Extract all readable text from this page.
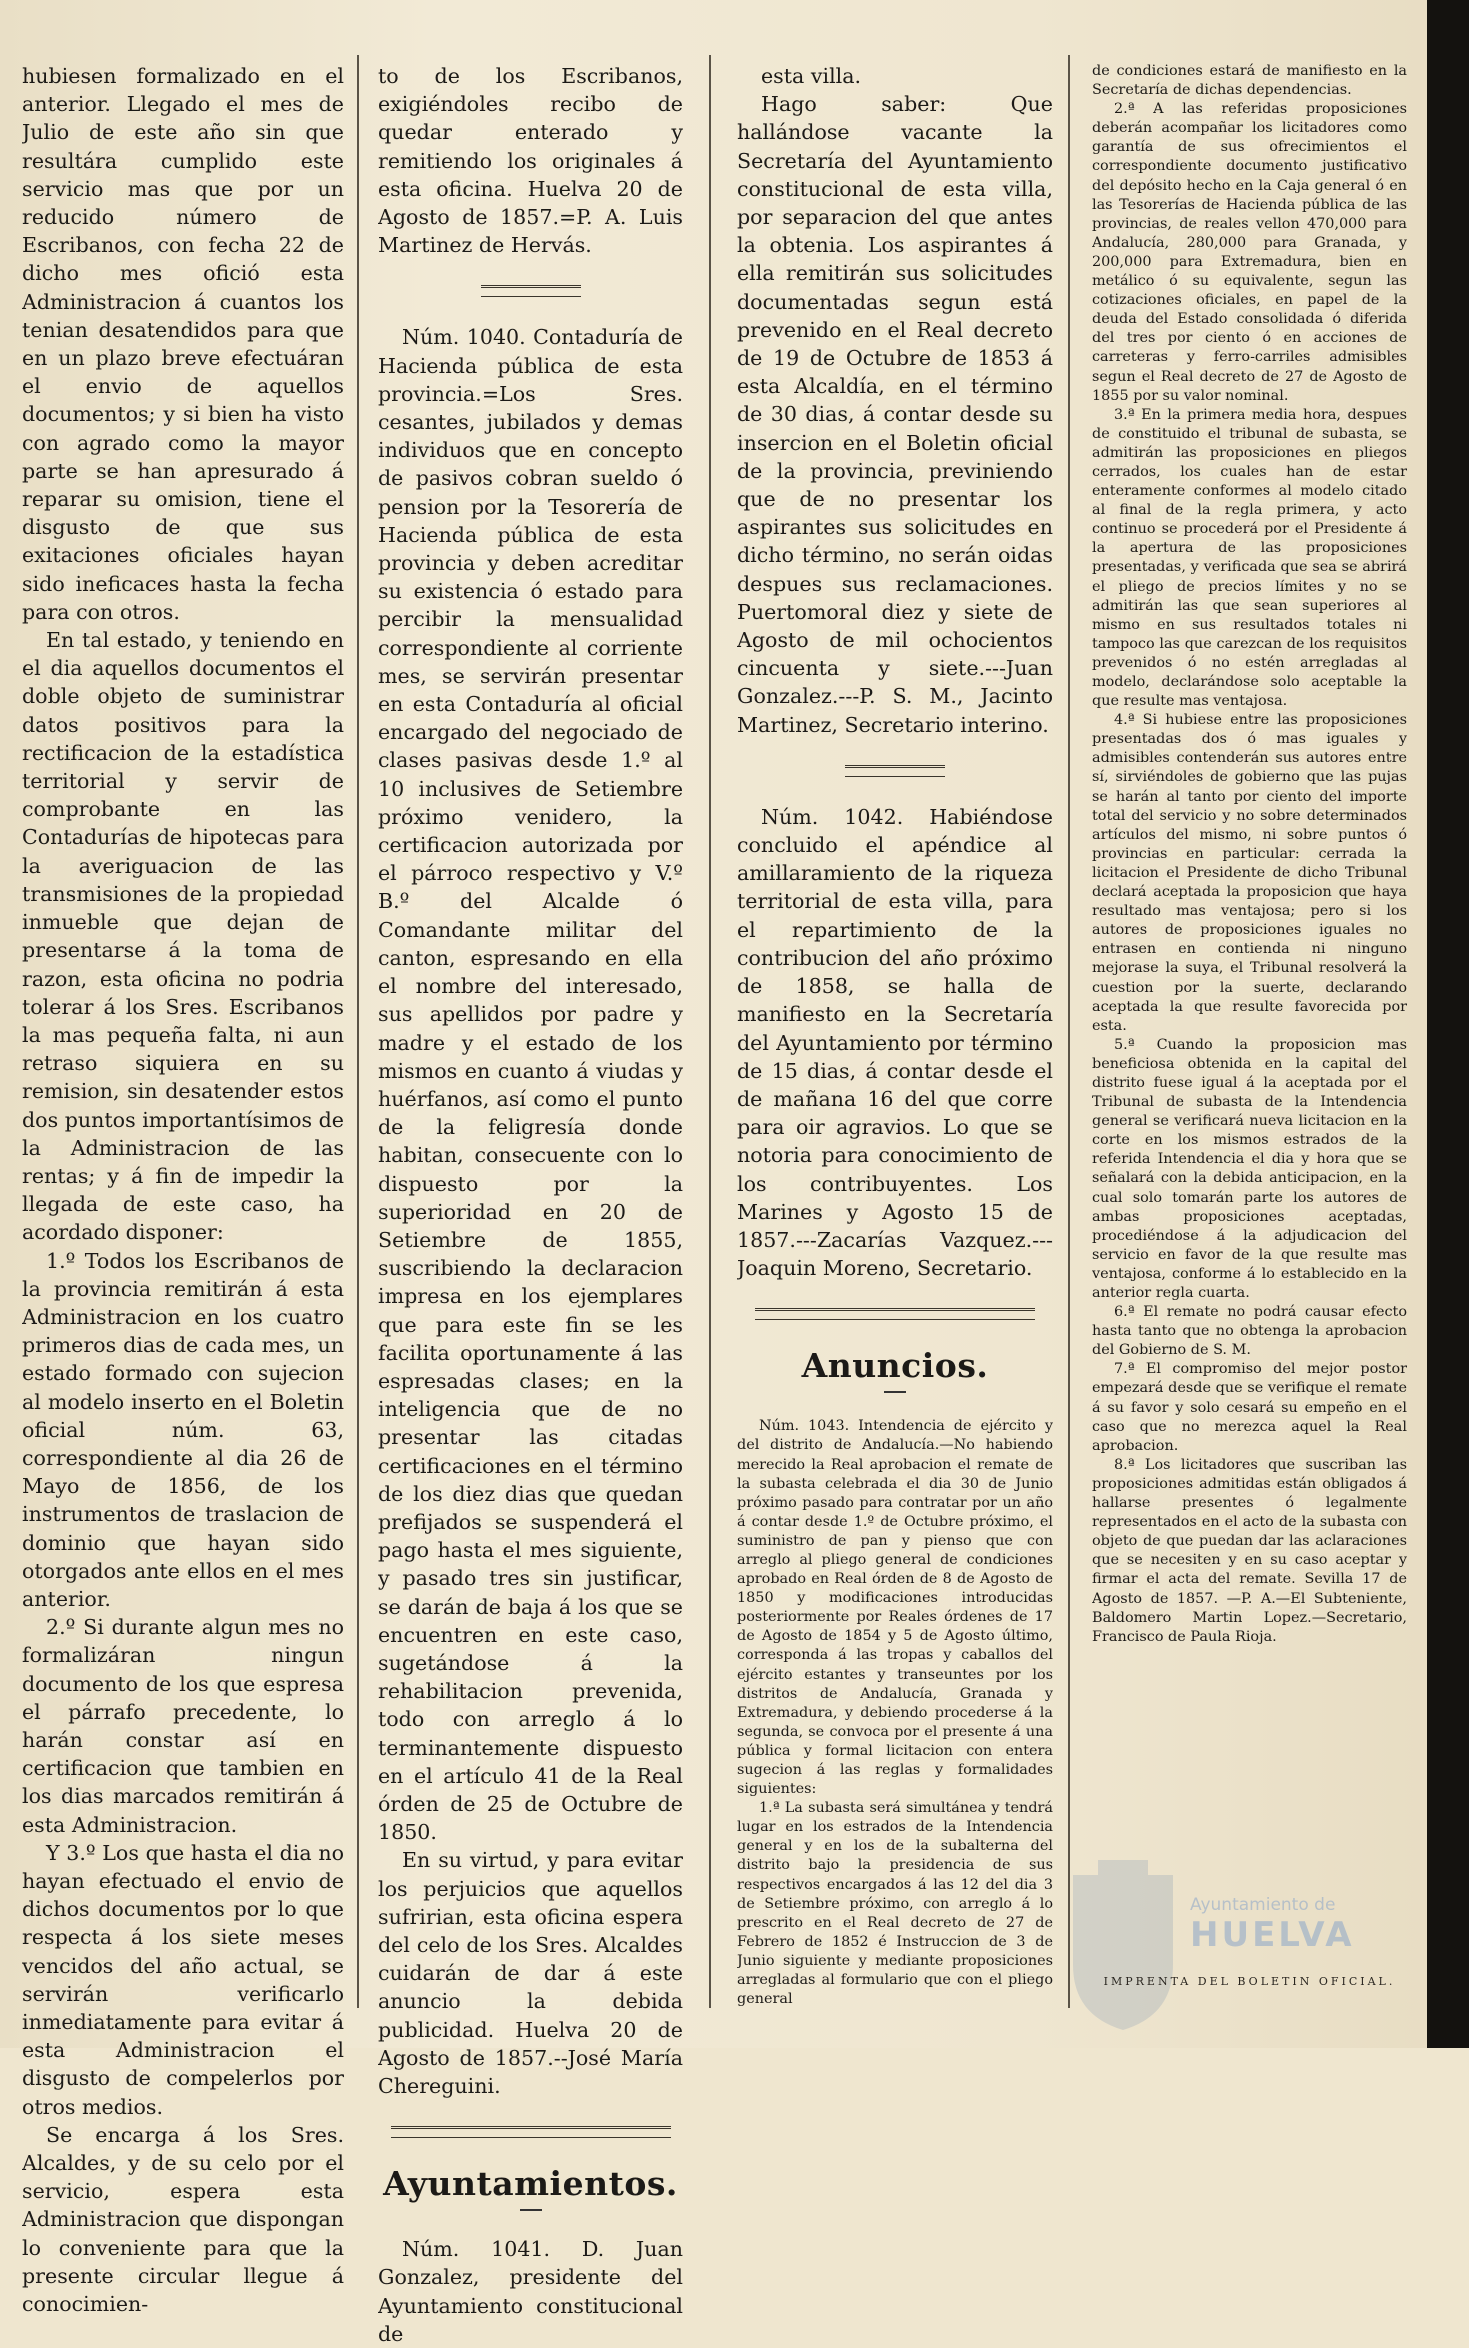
hubiesen formalizado en el anterior. Llegado el mes de Julio de este año sin que resultára cumplido este servicio mas que por un reducido número de Escribanos, con fecha 22 de dicho mes ofició esta Administracion á cuantos los tenian desatendidos para que en un plazo breve efectuáran el envio de aquellos documentos; y si bien ha visto con agrado como la mayor parte se han apresurado á reparar su omision, tiene el disgusto de que sus exitaciones oficiales hayan sido ineficaces hasta la fecha para con otros.

En tal estado, y teniendo en el dia aquellos documentos el doble objeto de suministrar datos positivos para la rectificacion de la estadística territorial y servir de comprobante en las Contadurías de hipotecas para la averiguacion de las transmisiones de la propiedad inmueble que dejan de presentarse á la toma de razon, esta oficina no podria tolerar á los Sres. Escribanos la mas pequeña falta, ni aun retraso siquiera en su remision, sin desatender estos dos puntos importantísimos de la Administracion de las rentas; y á fin de impedir la llegada de este caso, ha acordado disponer:

1.º Todos los Escribanos de la provincia remitirán á esta Administracion en los cuatro primeros dias de cada mes, un estado formado con sujecion al modelo inserto en el Boletin oficial núm. 63, correspondiente al dia 26 de Mayo de 1856, de los instrumentos de traslacion de dominio que hayan sido otorgados ante ellos en el mes anterior.

2.º Si durante algun mes no formalizáran ningun documento de los que espresa el párrafo precedente, lo harán constar así en certificacion que tambien en los dias marcados remitirán á esta Administracion.

Y 3.º Los que hasta el dia no hayan efectuado el envio de dichos documentos por lo que respecta á los siete meses vencidos del año actual, se servirán verificarlo inmediatamente para evitar á esta Administracion el disgusto de compelerlos por otros medios.

Se encarga á los Sres. Alcaldes, y de su celo por el servicio, espera esta Administracion que dispongan lo conveniente para que la presente circular llegue á conocimien-

to de los Escribanos, exigiéndoles recibo de quedar enterado y remitiendo los originales á esta oficina. Huelva 20 de Agosto de 1857.=P. A. Luis Martinez de Hervás.

Núm. 1040. Contaduría de Hacienda pública de esta provincia.=Los Sres. cesantes, jubilados y demas individuos que en concepto de pasivos cobran sueldo ó pension por la Tesorería de Hacienda pública de esta provincia y deben acreditar su existencia ó estado para percibir la mensualidad correspondiente al corriente mes, se servirán presentar en esta Contaduría al oficial encargado del negociado de clases pasivas desde 1.º al 10 inclusives de Setiembre próximo venidero, la certificacion autorizada por el párroco respectivo y V.º B.º del Alcalde ó Comandante militar del canton, espresando en ella el nombre del interesado, sus apellidos por padre y madre y el estado de los mismos en cuanto á viudas y huérfanos, así como el punto de la feligresía donde habitan, consecuente con lo dispuesto por la superioridad en 20 de Setiembre de 1855, suscribiendo la declaracion impresa en los ejemplares que para este fin se les facilita oportunamente á las espresadas clases; en la inteligencia que de no presentar las citadas certificaciones en el término de los diez dias que quedan prefijados se suspenderá el pago hasta el mes siguiente, y pasado tres sin justificar, se darán de baja á los que se encuentren en este caso, sugetándose á la rehabilitacion prevenida, todo con arreglo á lo terminantemente dispuesto en el artículo 41 de la Real órden de 25 de Octubre de 1850.

En su virtud, y para evitar los perjuicios que aquellos sufririan, esta oficina espera del celo de los Sres. Alcaldes cuidarán de dar á este anuncio la debida publicidad. Huelva 20 de Agosto de 1857.--José María Chereguini.

Ayuntamientos.

Núm. 1041. D. Juan Gonzalez, presidente del Ayuntamiento constitucional de

esta villa.

Hago saber: Que hallándose vacante la Secretaría del Ayuntamiento constitucional de esta villa, por separacion del que antes la obtenia. Los aspirantes á ella remitirán sus solicitudes documentadas segun está prevenido en el Real decreto de 19 de Octubre de 1853 á esta Alcaldía, en el término de 30 dias, á contar desde su insercion en el Boletin oficial de la provincia, previniendo que de no presentar los aspirantes sus solicitudes en dicho término, no serán oidas despues sus reclamaciones. Puertomoral diez y siete de Agosto de mil ochocientos cincuenta y siete.---Juan Gonzalez.---P. S. M., Jacinto Martinez, Secretario interino.

Núm. 1042. Habiéndose concluido el apéndice al amillaramiento de la riqueza territorial de esta villa, para el repartimiento de la contribucion del año próximo de 1858, se halla de manifiesto en la Secretaría del Ayuntamiento por término de 15 dias, á contar desde el de mañana 16 del que corre para oir agravios. Lo que se notoria para conocimiento de los contribuyentes. Los Marines y Agosto 15 de 1857.---Zacarías Vazquez.---Joaquin Moreno, Secretario.

Anuncios.

Núm. 1043. Intendencia de ejército y del distrito de Andalucía.—No habiendo merecido la Real aprobacion el remate de la subasta celebrada el dia 30 de Junio próximo pasado para contratar por un año á contar desde 1.º de Octubre próximo, el suministro de pan y pienso que con arreglo al pliego general de condiciones aprobado en Real órden de 8 de Agosto de 1850 y modificaciones introducidas posteriormente por Reales órdenes de 17 de Agosto de 1854 y 5 de Agosto último, corresponda á las tropas y caballos del ejército estantes y transeuntes por los distritos de Andalucía, Granada y Extremadura, y debiendo procederse á la segunda, se convoca por el presente á una pública y formal licitacion con entera sugecion á las reglas y formalidades siguientes:

1.ª La subasta será simultánea y tendrá lugar en los estrados de la Intendencia general y en los de la subalterna del distrito bajo la presidencia de sus respectivos encargados á las 12 del dia 3 de Setiembre próximo, con arreglo á lo prescrito en el Real decreto de 27 de Febrero de 1852 é Instruccion de 3 de Junio siguiente y mediante proposiciones arregladas al formulario que con el pliego general

de condiciones estará de manifiesto en la Secretaría de dichas dependencias.

2.ª A las referidas proposiciones deberán acompañar los licitadores como garantía de sus ofrecimientos el correspondiente documento justificativo del depósito hecho en la Caja general ó en las Tesorerías de Hacienda pública de las provincias, de reales vellon 470,000 para Andalucía, 280,000 para Granada, y 200,000 para Extremadura, bien en metálico ó su equivalente, segun las cotizaciones oficiales, en papel de la deuda del Estado consolidada ó diferida del tres por ciento ó en acciones de carreteras y ferro-carriles admisibles segun el Real decreto de 27 de Agosto de 1855 por su valor nominal.

3.ª En la primera media hora, despues de constituido el tribunal de subasta, se admitirán las proposiciones en pliegos cerrados, los cuales han de estar enteramente conformes al modelo citado al final de la regla primera, y acto continuo se procederá por el Presidente á la apertura de las proposiciones presentadas, y verificada que sea se abrirá el pliego de precios límites y no se admitirán las que sean superiores al mismo en sus resultados totales ni tampoco las que carezcan de los requisitos prevenidos ó no estén arregladas al modelo, declarándose solo aceptable la que resulte mas ventajosa.

4.ª Si hubiese entre las proposiciones presentadas dos ó mas iguales y admisibles contenderán sus autores entre sí, sirviéndoles de gobierno que las pujas se harán al tanto por ciento del importe total del servicio y no sobre determinados artículos del mismo, ni sobre puntos ó provincias en particular: cerrada la licitacion el Presidente de dicho Tribunal declará aceptada la proposicion que haya resultado mas ventajosa; pero si los autores de proposiciones iguales no entrasen en contienda ni ninguno mejorase la suya, el Tribunal resolverá la cuestion por la suerte, declarando aceptada la que resulte favorecida por esta.

5.ª Cuando la proposicion mas beneficiosa obtenida en la capital del distrito fuese igual á la aceptada por el Tribunal de subasta de la Intendencia general se verificará nueva licitacion en la corte en los mismos estrados de la referida Intendencia el dia y hora que se señalará con la debida anticipacion, en la cual solo tomarán parte los autores de ambas proposiciones aceptadas, procediéndose á la adjudicacion del servicio en favor de la que resulte mas ventajosa, conforme á lo establecido en la anterior regla cuarta.

6.ª El remate no podrá causar efecto hasta tanto que no obtenga la aprobacion del Gobierno de S. M.

7.ª El compromiso del mejor postor empezará desde que se verifique el remate á su favor y solo cesará su empeño en el caso que no merezca aquel la Real aprobacion.

8.ª Los licitadores que suscriban las proposiciones admitidas están obligados á hallarse presentes ó legalmente representados en el acto de la subasta con objeto de que puedan dar las aclaraciones que se necesiten y en su caso aceptar y firmar el acta del remate. Sevilla 17 de Agosto de 1857. —P. A.—El Subteniente, Baldomero Martin Lopez.—Secretario, Francisco de Paula Rioja.

Ayuntamiento de
HUELVA
IMPRENTA DEL BOLETIN OFICIAL.
